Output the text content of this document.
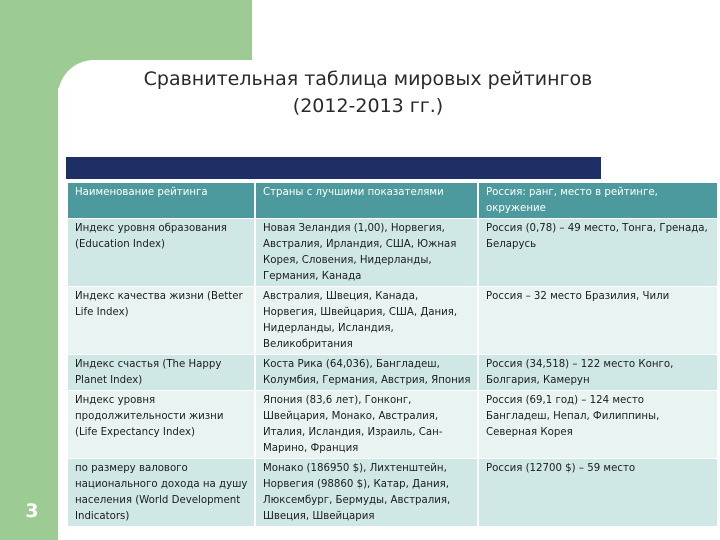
Сравнительная таблица мировых рейтингов
(2012-2013 гг.)
Наименование рейтинга	Страны с лучшими показателями	Россия: ранг, место в рейтинге, окружение
Индекс уровня образования (Education Index)	Новая Зеландия (1,00), Норвегия, Австралия, Ирландия, США, Южная Корея, Словения, Нидерланды, Германия, Канада	Россия (0,78) – 49 место, Тонга, Гренада, Беларусь
Индекс качества жизни (Better Life Index)	Австралия, Швеция, Канада, Норвегия, Швейцария, США, Дания, Нидерланды, Исландия, Великобритания	Россия – 32 место Бразилия, Чили
Индекс счастья (The Happy Planet Index)	Коста Рика (64,036), Бангладеш, Колумбия, Германия, Австрия, Япония	Россия (34,518) – 122 место Конго, Болгария, Камерун
Индекс уровня продолжительности жизни (Life Expectancy Index)	Япония (83,6 лет), Гонконг, Швейцария, Монако, Австралия, Италия, Исландия, Израиль, Сан-Марино, Франция	Россия (69,1 год) – 124 место Бангладеш, Непал, Филиппины, Северная Корея
по размеру валового национального дохода на душу населения (World Development Indicators)	Монако (186950 $), Лихтенштейн, Норвегия (98860 $), Катар, Дания, Люксембург, Бермуды, Австралия, Швеция, Швейцария	Россия (12700 $) – 59 место
3
